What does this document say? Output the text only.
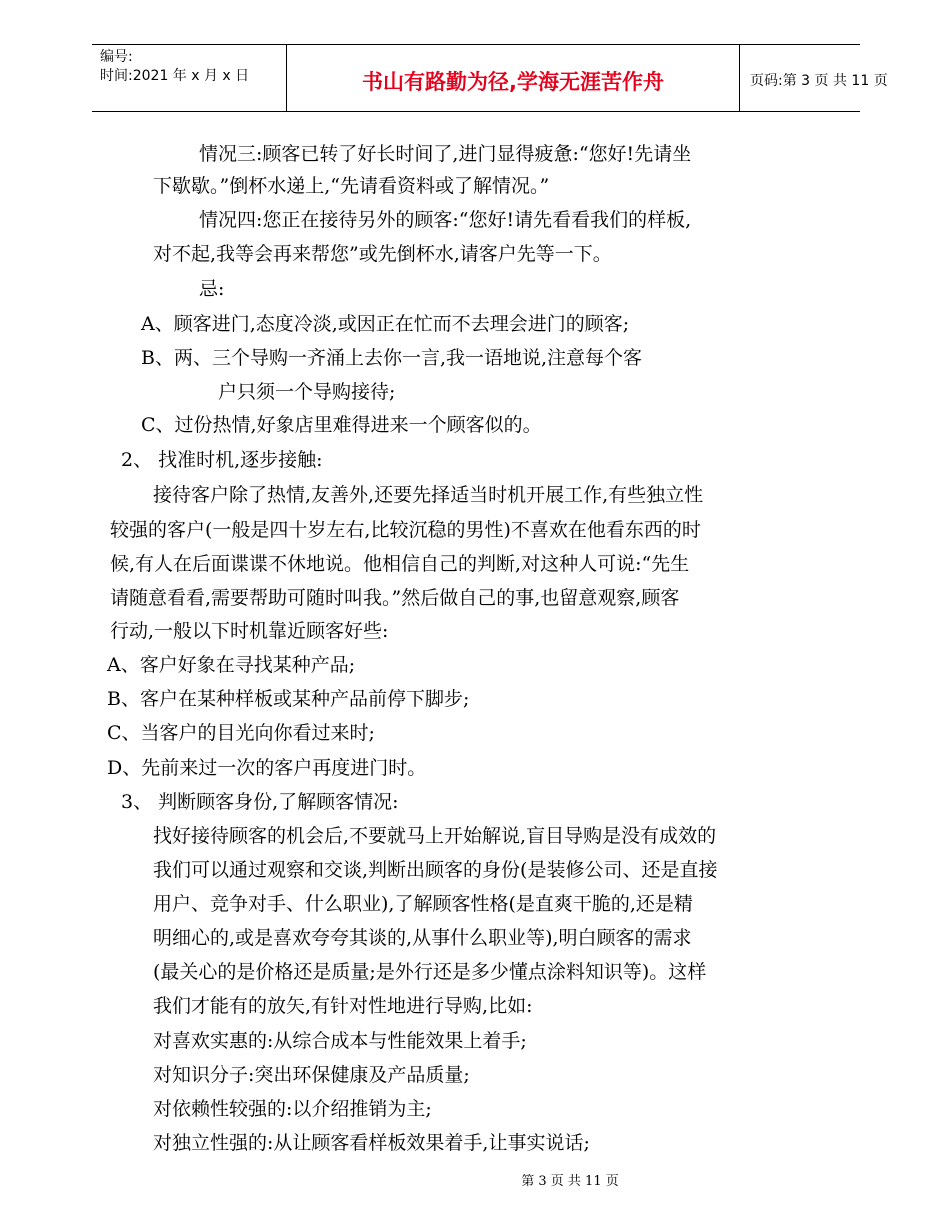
编号:
时间:2021 年 x 月 x 日	书山有路勤为径,学海无涯苦作舟	页码:第 3 页 共 11 页
情况三:顾客已转了好长时间了,进门显得疲惫:“您好!先请坐
下歇歇。”倒杯水递上,“先请看资料或了解情况。”
情况四:您正在接待另外的顾客:“您好!请先看看我们的样板,
对不起,我等会再来帮您”或先倒杯水,请客户先等一下。
忌:
A、顾客进门,态度冷淡,或因正在忙而不去理会进门的顾客;
B、两、三个导购一齐涌上去你一言,我一语地说,注意每个客
户只须一个导购接待;
C、过份热情,好象店里难得进来一个顾客似的。
2、 找准时机,逐步接触:
接待客户除了热情,友善外,还要先择适当时机开展工作,有些独立性
较强的客户(一般是四十岁左右,比较沉稳的男性)不喜欢在他看东西的时
候,有人在后面谍谍不休地说。他相信自己的判断,对这种人可说:“先生
请随意看看,需要帮助可随时叫我。”然后做自己的事,也留意观察,顾客
行动,一般以下时机靠近顾客好些:
A、客户好象在寻找某种产品;
B、客户在某种样板或某种产品前停下脚步;
C、当客户的目光向你看过来时;
D、先前来过一次的客户再度进门时。
3、 判断顾客身份,了解顾客情况:
找好接待顾客的机会后,不要就马上开始解说,盲目导购是没有成效的
我们可以通过观察和交谈,判断出顾客的身份(是装修公司、还是直接
用户、竞争对手、什么职业),了解顾客性格(是直爽干脆的,还是精
明细心的,或是喜欢夸夸其谈的,从事什么职业等),明白顾客的需求
(最关心的是价格还是质量;是外行还是多少懂点涂料知识等)。这样
我们才能有的放矢,有针对性地进行导购,比如:
对喜欢实惠的:从综合成本与性能效果上着手;
对知识分子:突出环保健康及产品质量;
对依赖性较强的:以介绍推销为主;
对独立性强的:从让顾客看样板效果着手,让事实说话;
第 3 页 共 11 页
